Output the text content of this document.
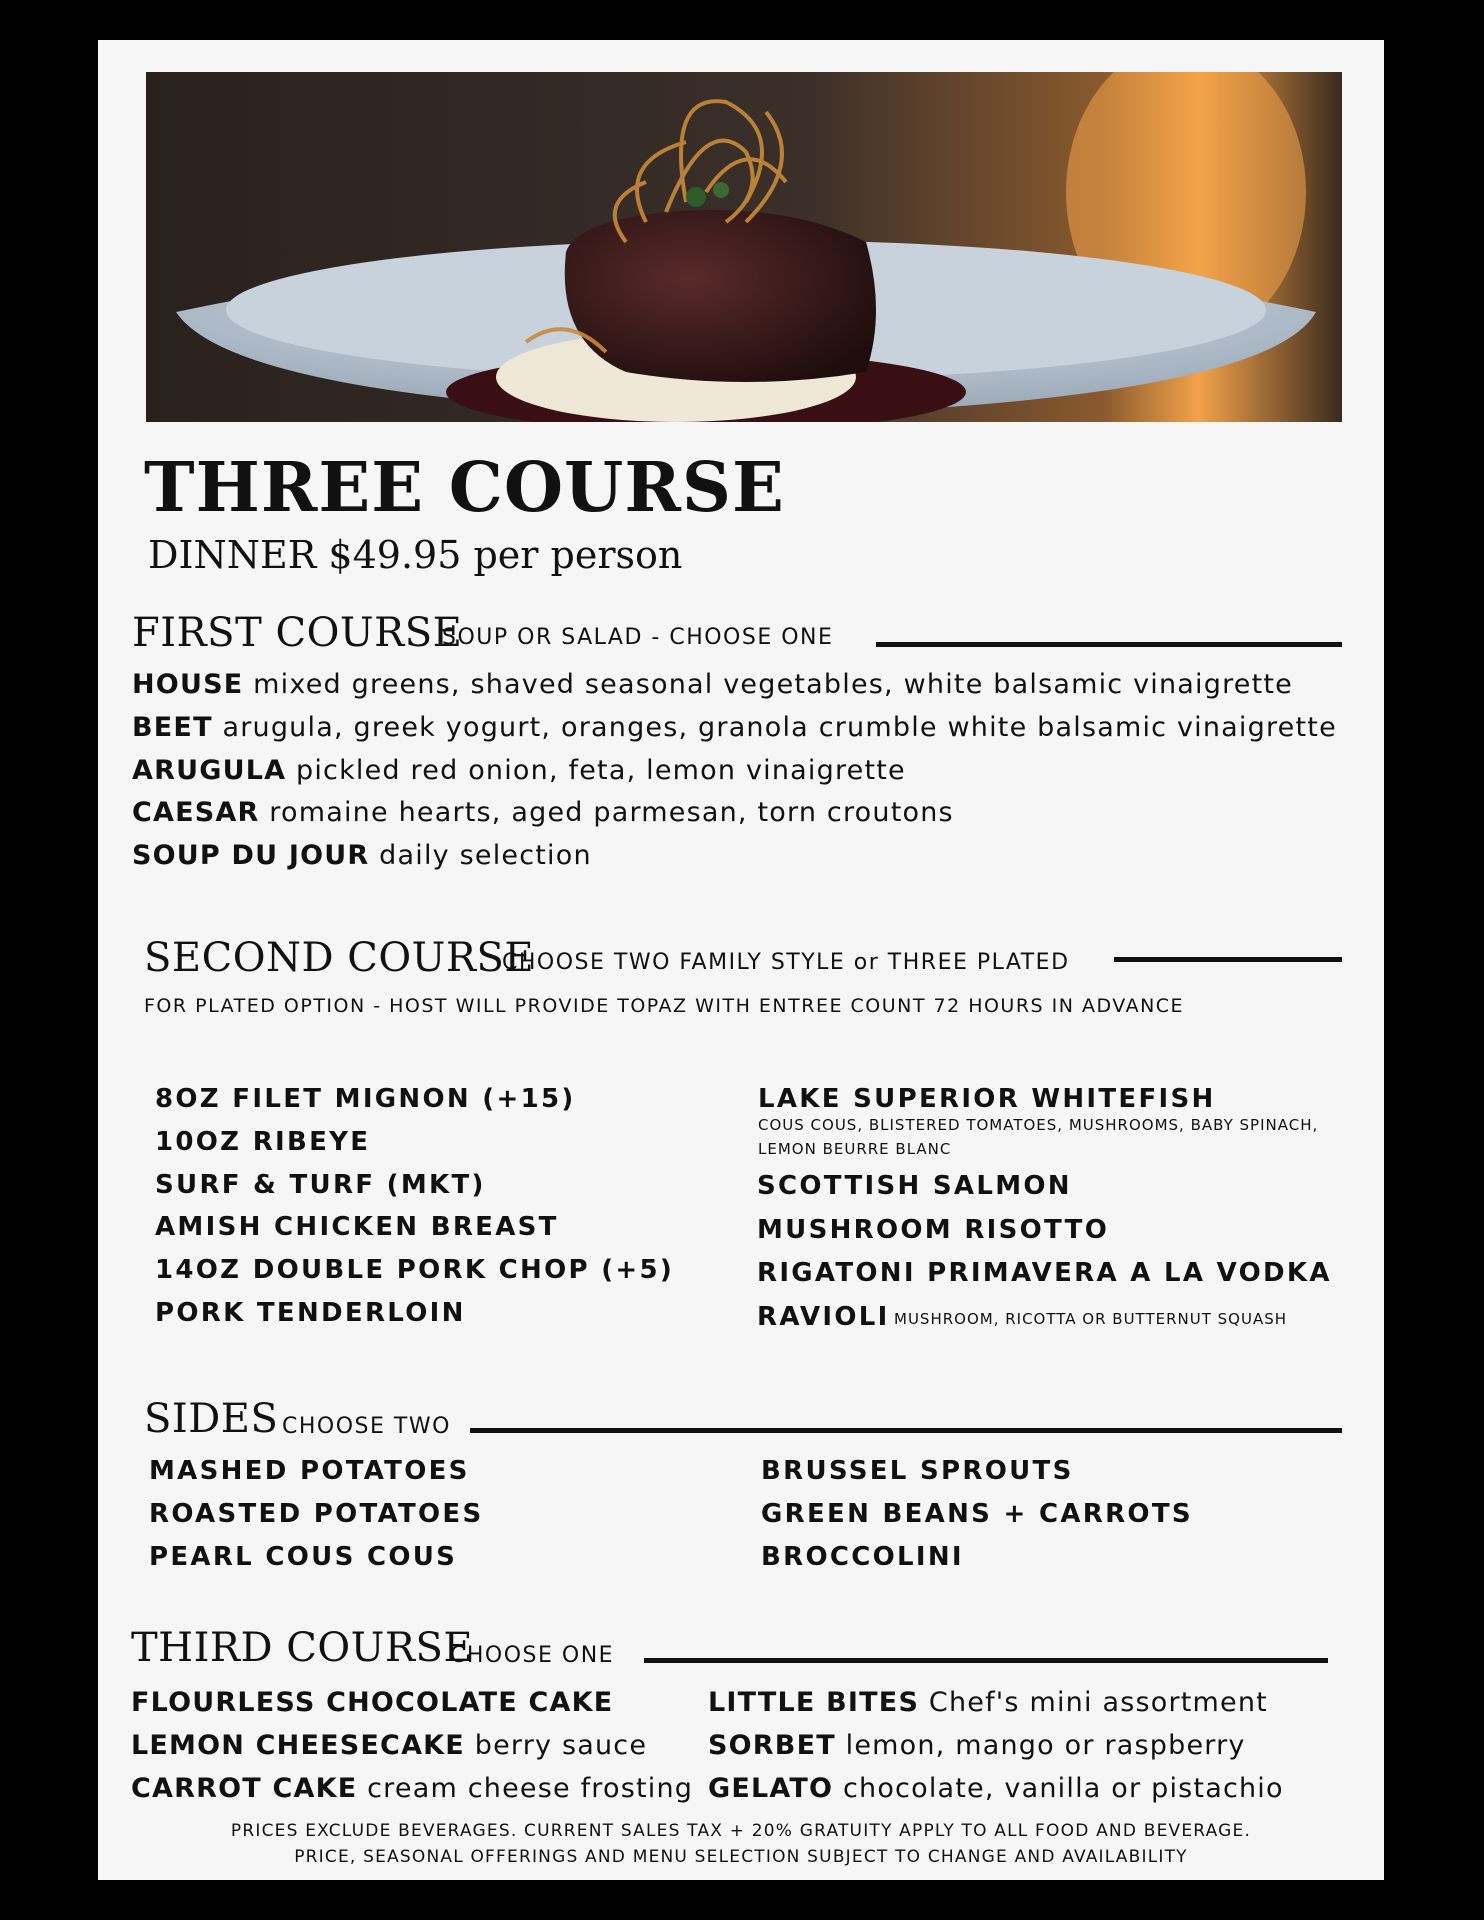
THREE COURSE
DINNER $49.95 per person
FIRST COURSE
SOUP OR SALAD - CHOOSE ONE
HOUSE mixed greens, shaved seasonal vegetables, white balsamic vinaigrette
BEET arugula, greek yogurt, oranges, granola crumble white balsamic vinaigrette
ARUGULA pickled red onion, feta, lemon vinaigrette
CAESAR romaine hearts, aged parmesan, torn croutons
SOUP DU JOUR daily selection
SECOND COURSE
CHOOSE TWO FAMILY STYLE or THREE PLATED
FOR PLATED OPTION - HOST WILL PROVIDE TOPAZ WITH ENTREE COUNT 72 HOURS IN ADVANCE
8OZ FILET MIGNON (+15)
10OZ RIBEYE
SURF & TURF (MKT)
AMISH CHICKEN BREAST
14OZ DOUBLE PORK CHOP (+5)
PORK TENDERLOIN
LAKE SUPERIOR WHITEFISH
COUS COUS, BLISTERED TOMATOES, MUSHROOMS, BABY SPINACH,
LEMON BEURRE BLANC
SCOTTISH SALMON
MUSHROOM RISOTTO
RIGATONI PRIMAVERA A LA VODKA
RAVIOLI MUSHROOM, RICOTTA OR BUTTERNUT SQUASH
SIDES CHOOSE TWO
MASHED POTATOES
ROASTED POTATOES
PEARL COUS COUS
BRUSSEL SPROUTS
GREEN BEANS + CARROTS
BROCCOLINI
THIRD COURSE
CHOOSE ONE
FLOURLESS CHOCOLATE CAKE
LEMON CHEESECAKE berry sauce
CARROT CAKE cream cheese frosting
LITTLE BITES Chef's mini assortment
SORBET lemon, mango or raspberry
GELATO chocolate, vanilla or pistachio
PRICES EXCLUDE BEVERAGES. CURRENT SALES TAX + 20% GRATUITY APPLY TO ALL FOOD AND BEVERAGE.
PRICE, SEASONAL OFFERINGS AND MENU SELECTION SUBJECT TO CHANGE AND AVAILABILITY
